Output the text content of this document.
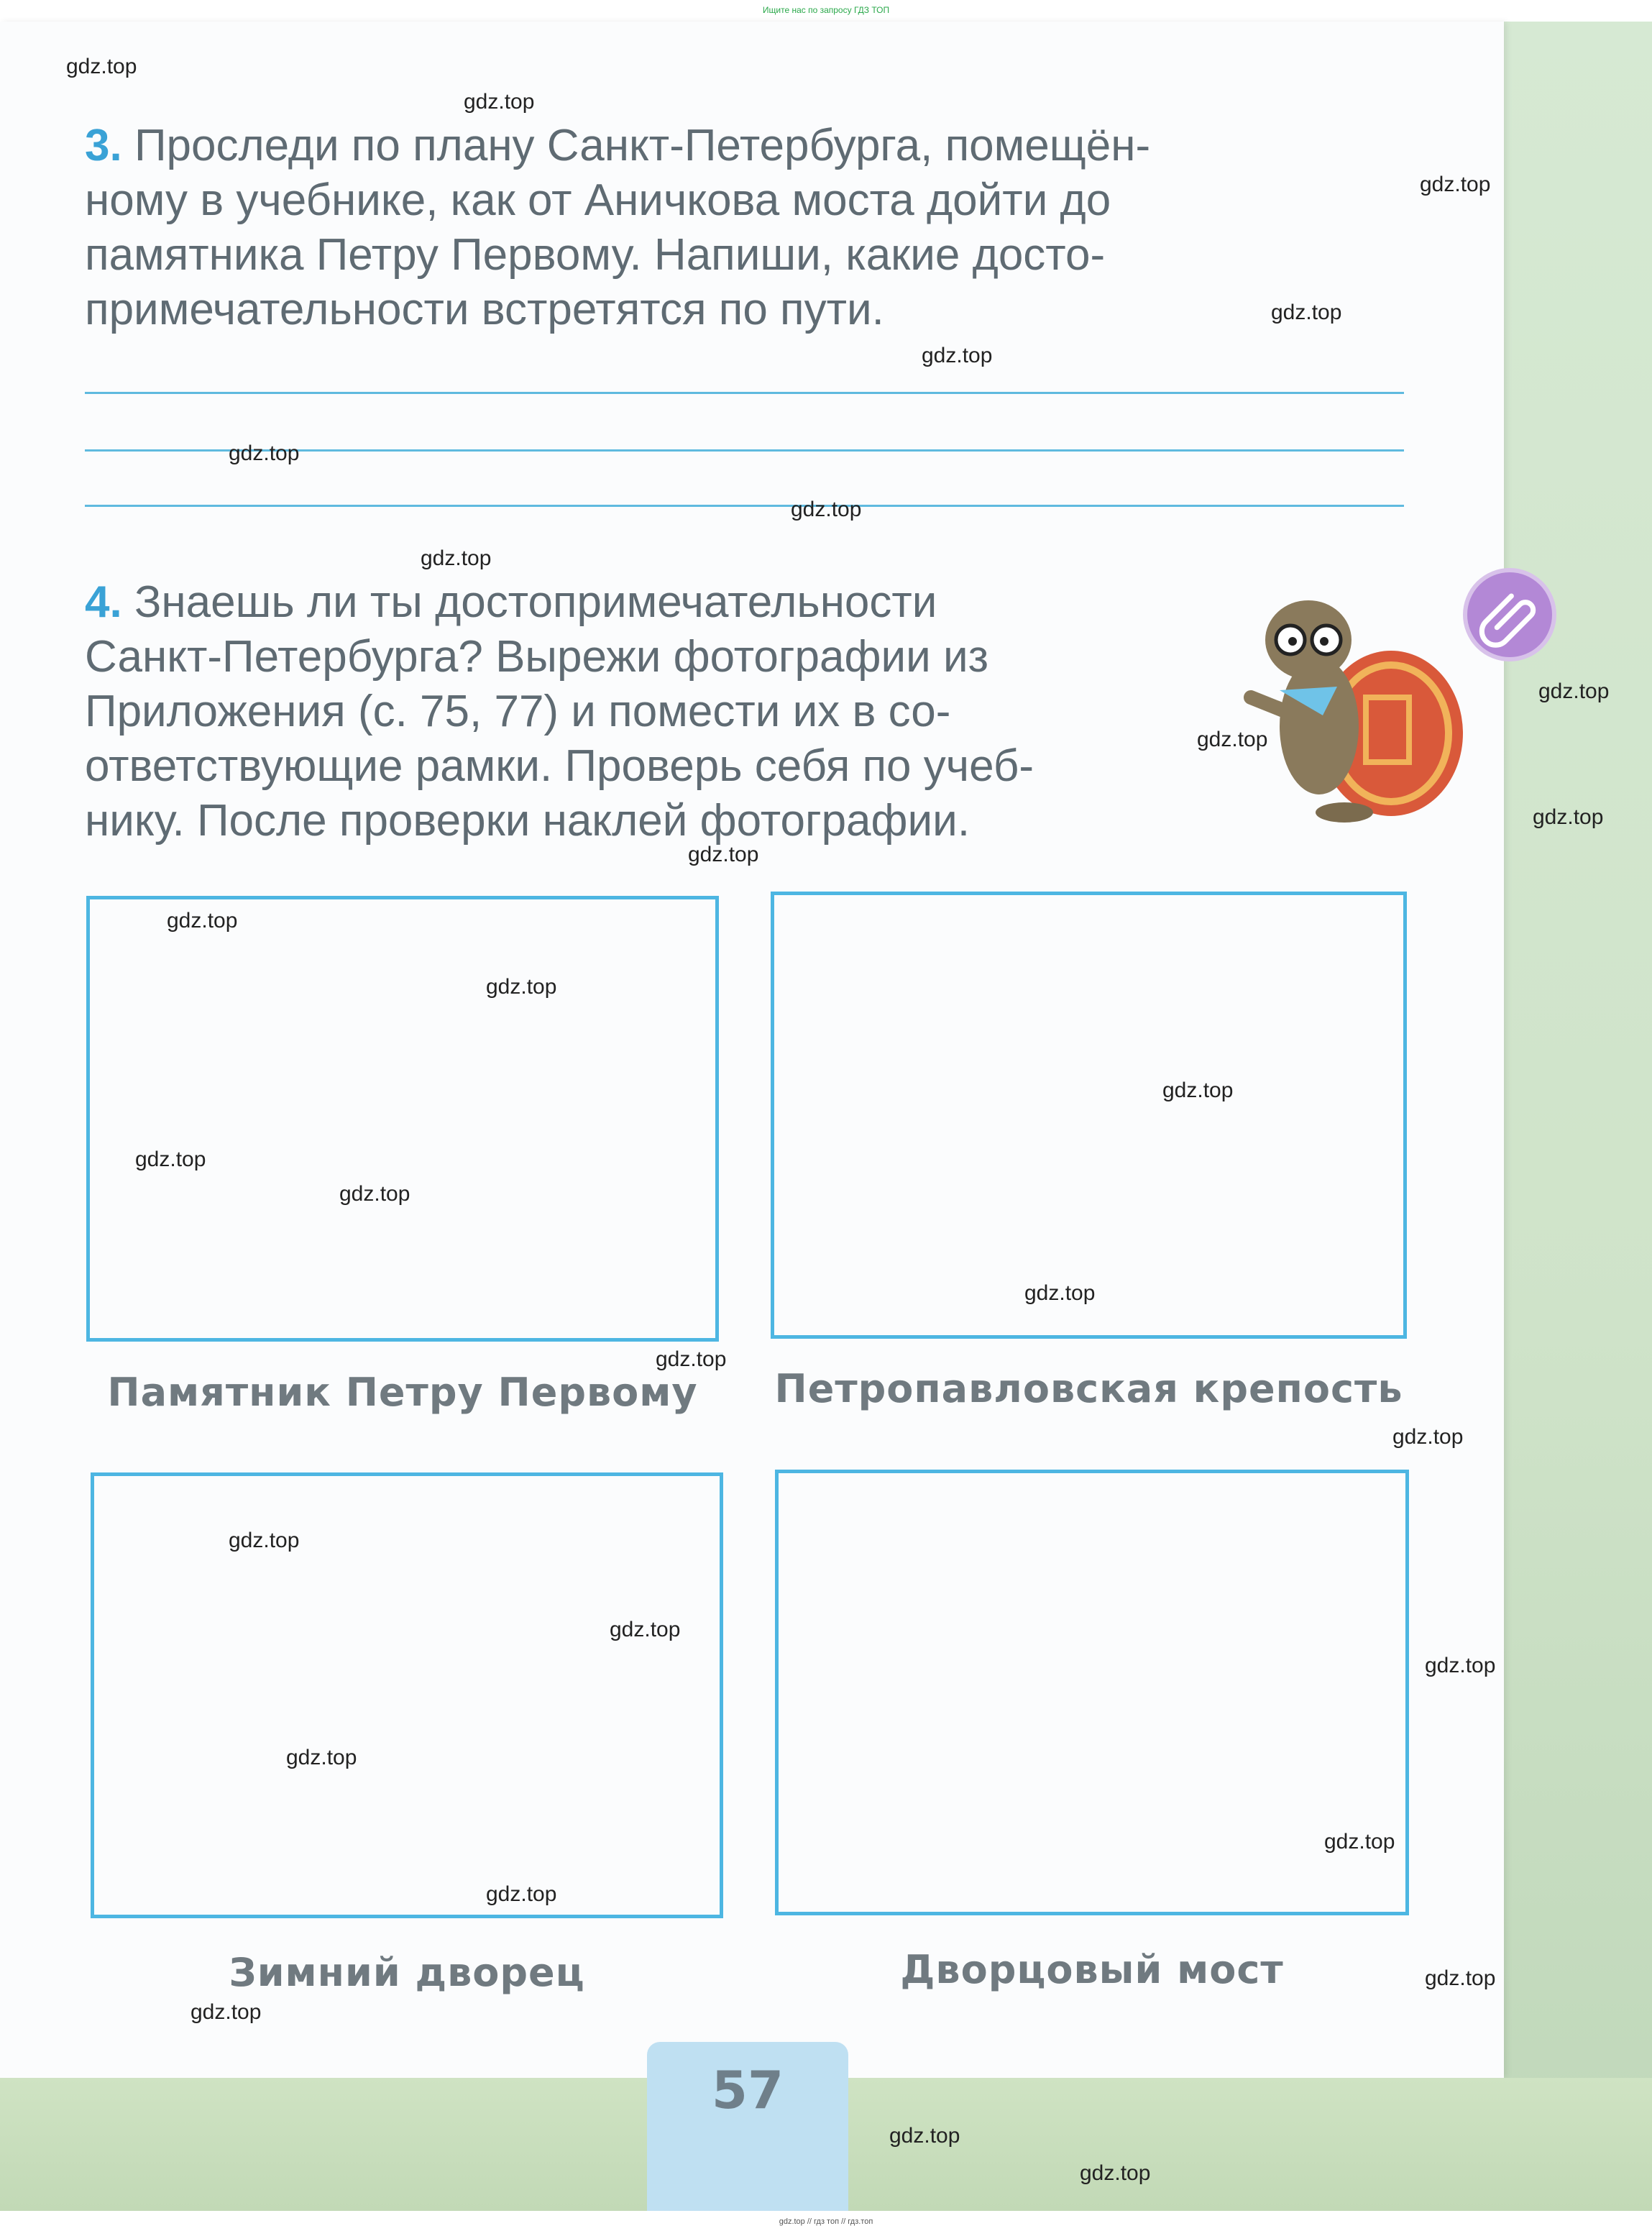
Ищите нас по запросу ГДЗ ТОП
57
3. Проследи по плану Санкт-Петербурга, помещён-
ному в учебнике, как от Аничкова моста дойти до
памятника Петру Первому. Напиши, какие досто-
примечательности встретятся по пути.
4. Знаешь ли ты достопримечательности
Санкт-Петербурга? Вырежи фотографии из
Приложения (с. 75, 77) и помести их в со-
ответствующие рамки. Проверь себя по учеб-
нику. После проверки наклей фотографии.
Памятник Петру Первому	Петропавловская крепость
Зимний дворец	Дворцовый мост
gdz.top
gdz.top
gdz.top
gdz.top
gdz.top
gdz.top
gdz.top
gdz.top
gdz.top
gdz.top
gdz.top
gdz.top
gdz.top
gdz.top
gdz.top
gdz.top
gdz.top
gdz.top
gdz.top
gdz.top
gdz.top
gdz.top
gdz.top
gdz.top
gdz.top
gdz.top
gdz.top
gdz.top
gdz.top
gdz.top
gdz.top // гдз топ // гдз.топ
